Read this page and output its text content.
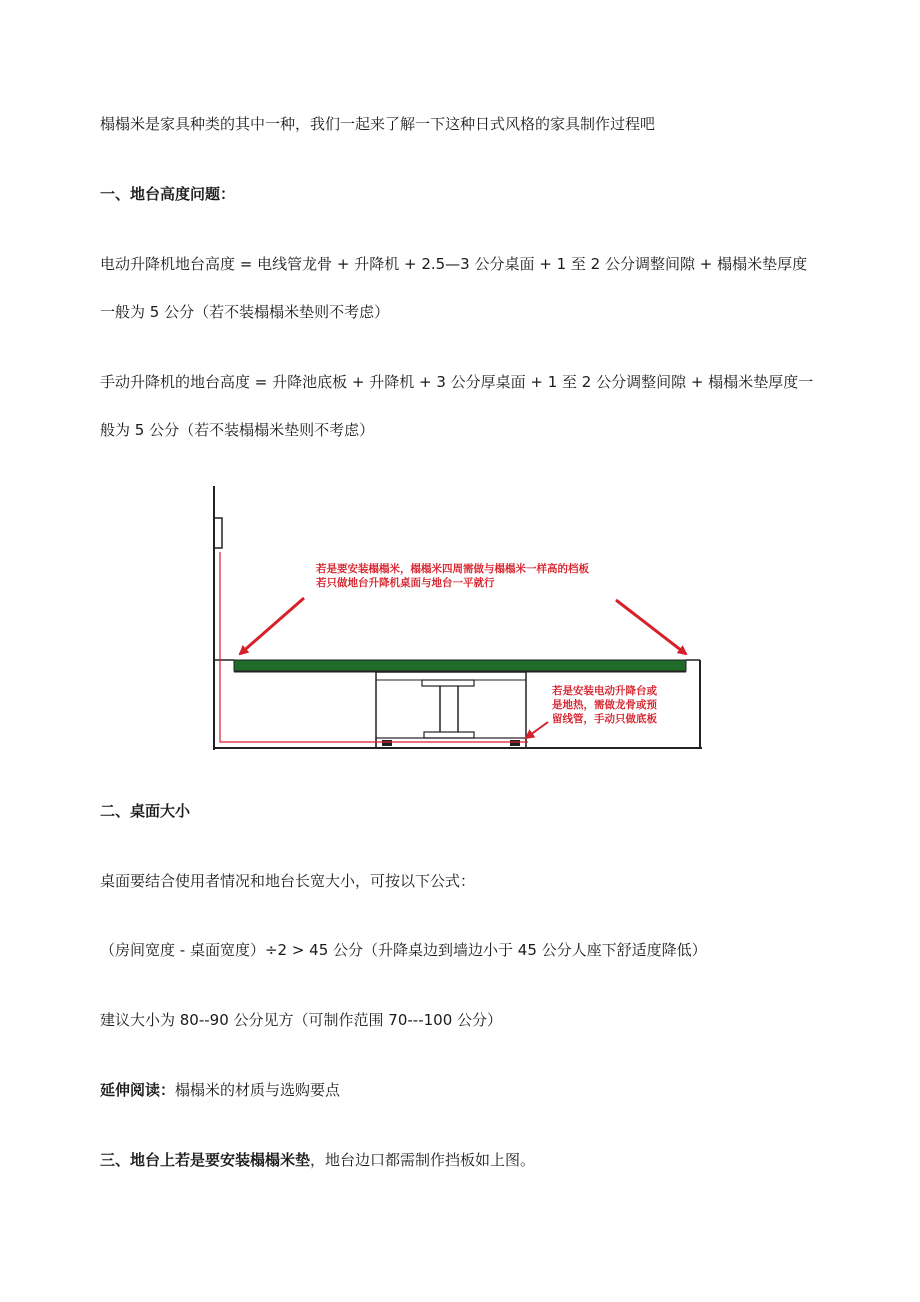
榻榻米是家具种类的其中一种，我们一起来了解一下这种日式风格的家具制作过程吧
一、地台高度问题：
电动升降机地台高度 = 电线管龙骨 + 升降机 + 2.5—3 公分桌面 + 1 至 2 公分调整间隙 + 榻榻米垫厚度
一般为 5 公分（若不装榻榻米垫则不考虑）
手动升降机的地台高度 = 升降池底板 + 升降机 + 3 公分厚桌面 + 1 至 2 公分调整间隙 + 榻榻米垫厚度一
般为 5 公分（若不装榻榻米垫则不考虑）
若是要安装榻榻米，榻榻米四周需做与榻榻米一样高的档板
若只做地台升降机桌面与地台一平就行
若是安装电动升降台或
是地热，需做龙骨或预
留线管，手动只做底板
二、桌面大小
桌面要结合使用者情况和地台长宽大小，可按以下公式：
（房间宽度 - 桌面宽度）÷2 > 45 公分（升降桌边到墙边小于 45 公分人座下舒适度降低）
建议大小为 80--90 公分见方（可制作范围 70---100 公分）
延伸阅读：榻榻米的材质与选购要点
三、地台上若是要安装榻榻米垫，地台边口都需制作挡板如上图。
